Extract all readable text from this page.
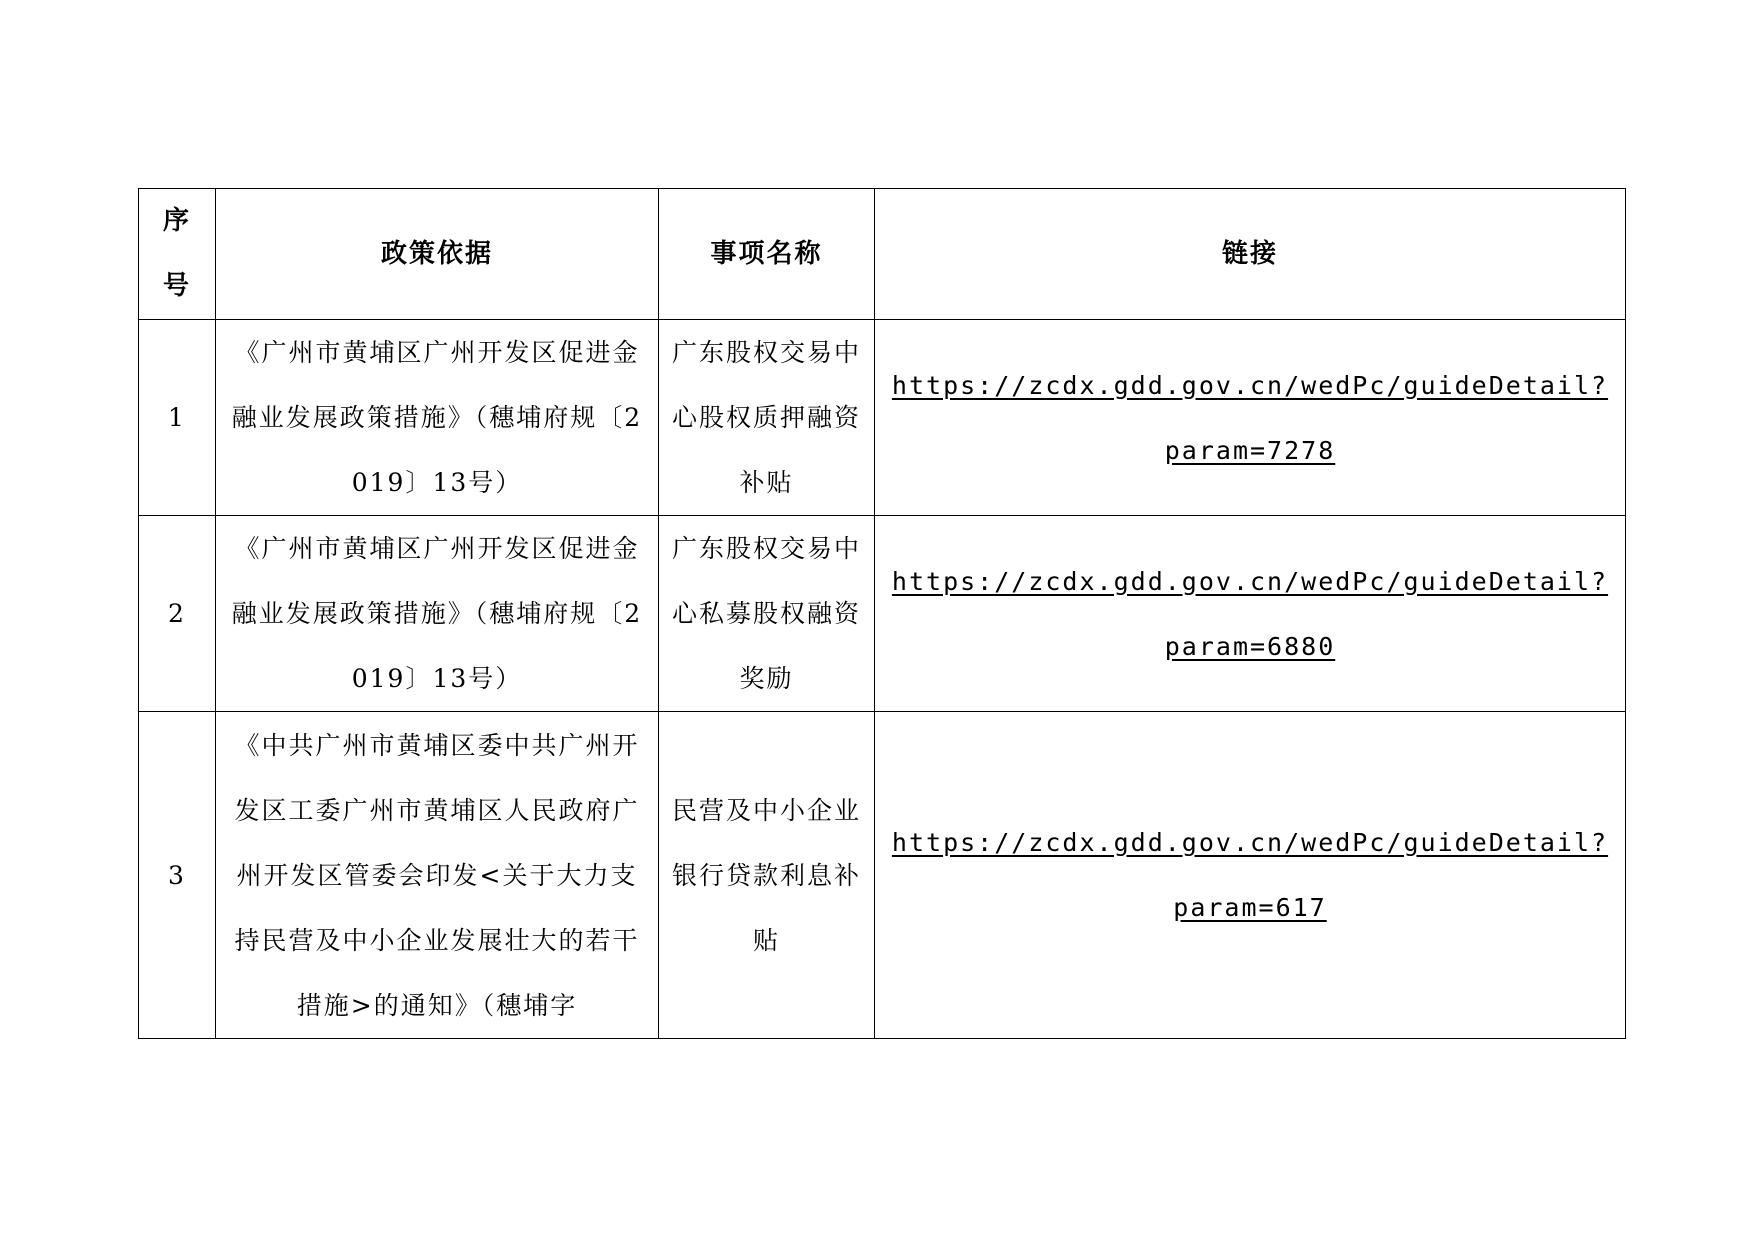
序
号	政策依据	事项名称	链接
1	《广州市黄埔区广州开发区促进金融业发展政策措施》（穗埔府规〔2019〕13号）	广东股权交易中心股权质押融资补贴	https://zcdx.gdd.gov.cn/wedPc/guideDetail?param=7278
2	《广州市黄埔区广州开发区促进金融业发展政策措施》（穗埔府规〔2019〕13号）	广东股权交易中心私募股权融资奖励	https://zcdx.gdd.gov.cn/wedPc/guideDetail?param=6880
3	《中共广州市黄埔区委中共广州开发区工委广州市黄埔区人民政府广州开发区管委会印发<关于大力支持民营及中小企业发展壮大的若干措施>的通知》（穗埔字	民营及中小企业银行贷款利息补贴	https://zcdx.gdd.gov.cn/wedPc/guideDetail?param=617
